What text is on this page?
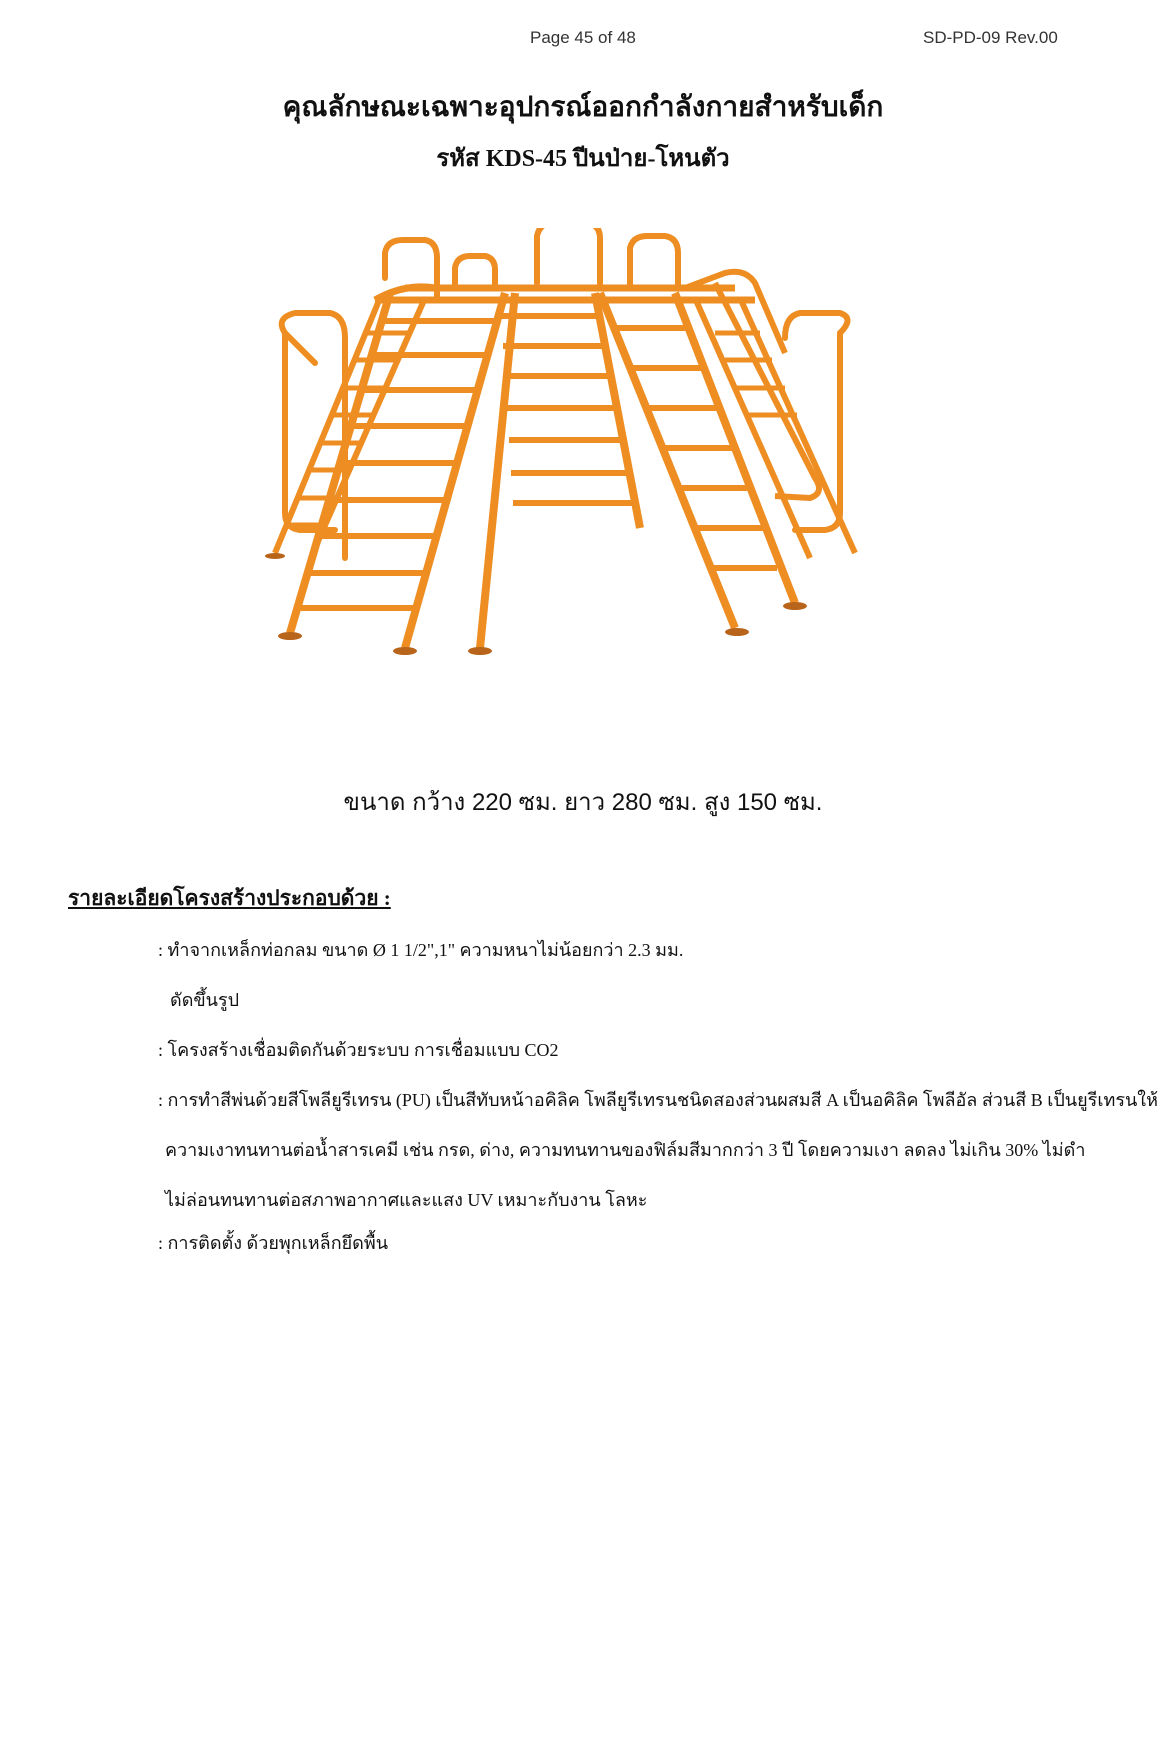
Page 45 of 48	SD-PD-09 Rev.00
คุณลักษณะเฉพาะอุปกรณ์ออกกำลังกายสำหรับเด็ก
รหัส KDS-45 ปีนป่าย-โหนตัว
ขนาด กว้าง 220 ซม. ยาว 280 ซม. สูง 150 ซม.
รายละเอียดโครงสร้างประกอบด้วย :
: ทำจากเหล็กท่อกลม ขนาด Ø 1 1/2",1" ความหนาไม่น้อยกว่า 2.3 มม.
ดัดขึ้นรูป
: โครงสร้างเชื่อมติดกันด้วยระบบ การเชื่อมแบบ CO2
: การทำสีพ่นด้วยสีโพลียูรีเทรน (PU) เป็นสีทับหน้าอคิลิค โพลียูรีเทรนชนิดสองส่วนผสมสี A เป็นอคิลิค โพลีอัล ส่วนสี B เป็นยูรีเทรนให้
ความเงาทนทานต่อน้ำสารเคมี เช่น กรด, ด่าง, ความทนทานของฟิล์มสีมากกว่า 3 ปี โดยความเงา ลดลง ไม่เกิน 30% ไม่ดำ
ไม่ล่อนทนทานต่อสภาพอากาศและแสง UV เหมาะกับงาน โลหะ
: การติดตั้ง ด้วยพุกเหล็กยึดพื้น
